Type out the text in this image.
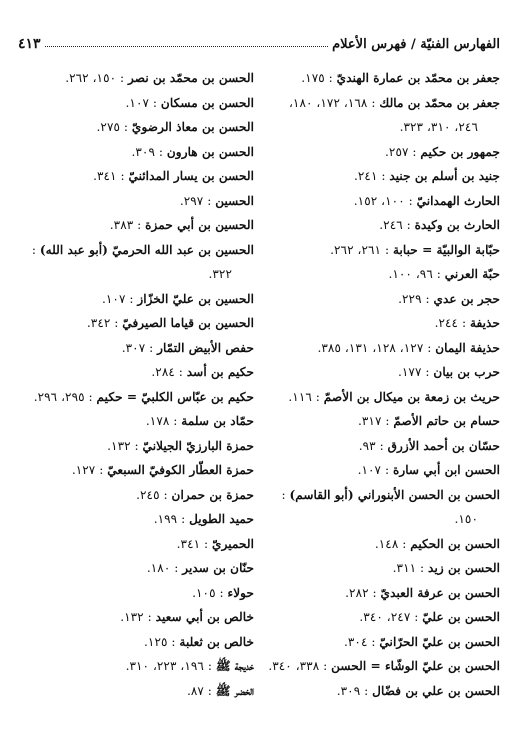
الفهارس الفنيّة / فهرس الأعلام
٤١٣
جعفر بن محمّد بن عمارة الهنديّ : ١٧٥.
جعفر بن محمّد بن مالك : ١٦٨، ١٧٢، ١٨٠،
٢٤٦، ٣١٠، ٣٢٣.
جمهور بن حكيم : ٢٥٧.
جنيد بن أسلم بن جنيد : ٢٤١.
الحارث الهمدانيّ : ١٠٠، ١٥٢.
الحارث بن وكيدة : ٢٤٦.
حبّابة الوالبيّة = حبابة : ٢٦١، ٢٦٢.
حبّة العرني : ٩٦، ١٠٠.
حجر بن عدي : ٢٢٩.
حذيفة : ٢٤٤.
حذيفة اليمان : ١٢٧، ١٢٨، ١٣١، ٣٨٥.
حرب بن بيان : ١٧٧.
حريث بن زمعة بن ميكال بن الأصمّ : ١١٦.
حسام بن حاتم الأصمّ : ٣١٧.
حسّان بن أحمد الأزرق : ٩٣.
الحسن ابن أبي سارة : ١٠٧.
الحسن بن الحسن الأبنوراني (أبو القاسم) :
١٥٠.
الحسن بن الحكيم : ١٤٨.
الحسن بن زيد : ٣١١.
الحسن بن عرفة العبديّ : ٢٨٢.
الحسن بن عليّ : ٢٤٧، ٣٤٠.
الحسن بن عليّ الحرّانيّ : ٣٠٤.
الحسن بن عليّ الوشّاء = الحسن : ٣٣٨، ٣٤٠.
الحسن بن علي بن فضّال : ٣٠٩.
الحسن بن محمّد بن نصر : ١٥٠، ٢٦٢.
الحسن بن مسكان : ١٠٧.
الحسن بن معاذ الرضويّ : ٢٧٥.
الحسن بن هارون : ٣٠٩.
الحسن بن يسار المدائنيّ : ٣٤١.
الحسين : ٢٩٧.
الحسين بن أبي حمزة : ٣٨٣.
الحسين بن عبد الله الحرميّ (أبو عبد الله) :
٣٢٢.
الحسين بن عليّ الخزّاز : ١٠٧.
الحسين بن قياما الصيرفيّ : ٣٤٢.
حفص الأبيض التمّار : ٣٠٧.
حكيم بن أسد : ٢٨٤.
حكيم بن عبّاس الكلبيّ = حكيم : ٢٩٥، ٢٩٦.
حمّاد بن سلمة : ١٧٨.
حمزة البارزيّ الجيلانيّ : ١٣٢.
حمزة العطّار الكوفيّ السبعيّ : ١٢٧.
حمزة بن حمران : ٢٤٥.
حميد الطويل : ١٩٩.
الحميريّ : ٣٤١.
حنّان بن سدير : ١٨٠.
حولاء : ١٠٥.
خالص بن أبي سعيد : ١٣٢.
خالص بن ثعلبة : ١٢٥.
خديجة ﷺ : ١٩٦، ٢٢٣، ٣١٠.
الخضر ﷺ : ٨٧.
